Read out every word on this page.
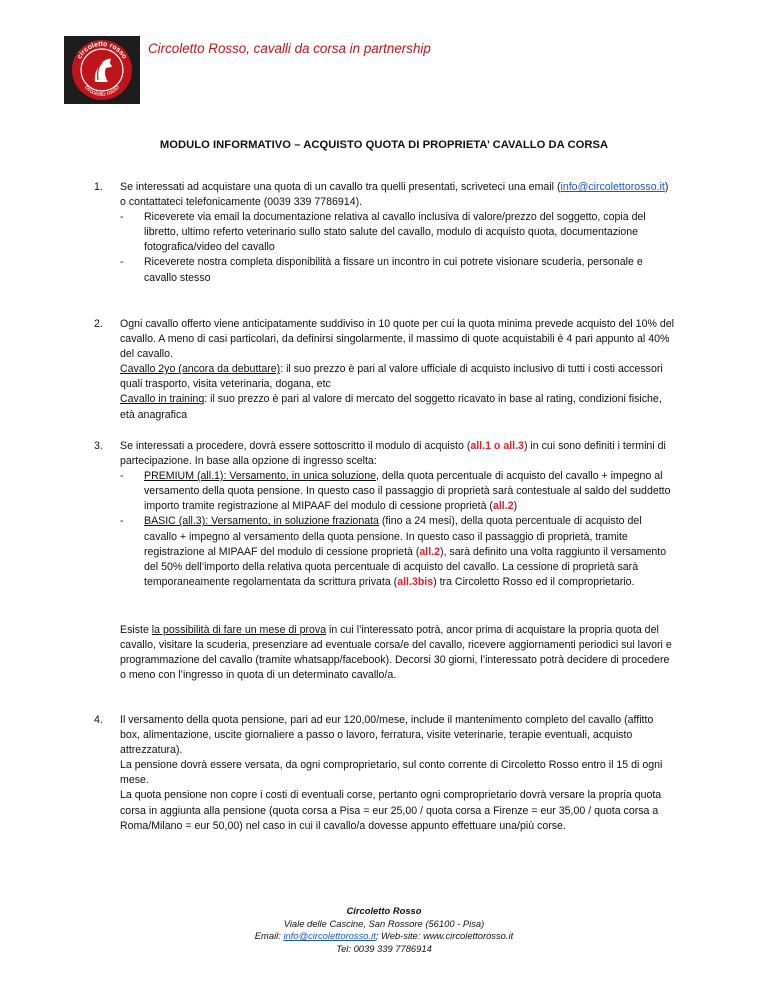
circoletto rosso
circoletto rosso
Circoletto Rosso, cavalli da corsa in partnership
MODULO INFORMATIVO – ACQUISTO QUOTA DI PROPRIETA’ CAVALLO DA CORSA
1.	Se interessati ad acquistare una quota di un cavallo tra quelli presentati, scriveteci una email (info@circolettorosso.it) o contattateci telefonicamente (0039 339 7786914).

- Riceverete via email la documentazione relativa al cavallo inclusiva di valore/prezzo del soggetto, copia del libretto, ultimo referto veterinario sullo stato salute del cavallo, modulo di acquisto quota, documentazione fotografica/video del cavallo
- Riceverete nostra completa disponibilità a fissare un incontro in cui potrete visionare scuderia, personale e cavallo stesso
2.	Ogni cavallo offerto viene anticipatamente suddiviso in 10 quote per cui la quota minima prevede acquisto del 10% del cavallo. A meno di casi particolari, da definirsi singolarmente, il massimo di quote acquistabili è 4 pari appunto al 40% del cavallo.

Cavallo 2yo (ancora da debuttare): il suo prezzo è pari al valore ufficiale di acquisto inclusivo di tutti i costi accessori quali trasporto, visita veterinaria, dogana, etc

Cavallo in training: il suo prezzo è pari al valore di mercato del soggetto ricavato in base al rating, condizioni fisiche, età anagrafica

3.	Se interessati a procedere, dovrà essere sottoscritto il modulo di acquisto (all.1 o all.3) in cui sono definiti i termini di partecipazione. In base alla opzione di ingresso scelta:

- PREMIUM (all.1): Versamento, in unica soluzione, della quota percentuale di acquisto del cavallo + impegno al versamento della quota pensione. In questo caso il passaggio di proprietà sarà contestuale al saldo del suddetto importo tramite registrazione al MIPAAF del modulo di cessione proprietà (all.2)
- BASIC (all.3): Versamento, in soluzione frazionata (fino a 24 mesi), della quota percentuale di acquisto del cavallo + impegno al versamento della quota pensione. In questo caso il passaggio di proprietà, tramite registrazione al MIPAAF del modulo di cessione proprietà (all.2), sarà definito una volta raggiunto il versamento del 50% dell’importo della relativa quota percentuale di acquisto del cavallo. La cessione di proprietà sarà temporaneamente regolamentata da scrittura privata (all.3bis) tra Circoletto Rosso ed il comproprietario.

Esiste la possibilità di fare un mese di prova in cui l’interessato potrà, ancor prima di acquistare la propria quota del cavallo, visitare la scuderia, presenziare ad eventuale corsa/e del cavallo, ricevere aggiornamenti periodici sui lavori e programmazione del cavallo (tramite whatsapp/facebook). Decorsi 30 giorni, l’interessato potrà decidere di procedere o meno con l’ingresso in quota di un determinato cavallo/a.

4.	Il versamento della quota pensione, pari ad eur 120,00/mese, include il mantenimento completo del cavallo (affitto box, alimentazione, uscite giornaliere a passo o lavoro, ferratura, visite veterinarie, terapie eventuali, acquisto attrezzatura).

La pensione dovrà essere versata, da ogni comproprietario, sul conto corrente di Circoletto Rosso entro il 15 di ogni mese.

La quota pensione non copre i costi di eventuali corse, pertanto ogni comproprietario dovrà versare la propria quota corsa in aggiunta alla pensione (quota corsa a Pisa = eur 25,00 / quota corsa a Firenze = eur 35,00 / quota corsa a Roma/Milano = eur 50,00) nel caso in cui il cavallo/a dovesse appunto effettuare una/più corse.

Circoletto Rosso
Viale delle Cascine, San Rossore (56100 - Pisa)
Email: info@circolettorosso.it; Web-site: www.circolettorosso.it
Tel: 0039 339 7786914
